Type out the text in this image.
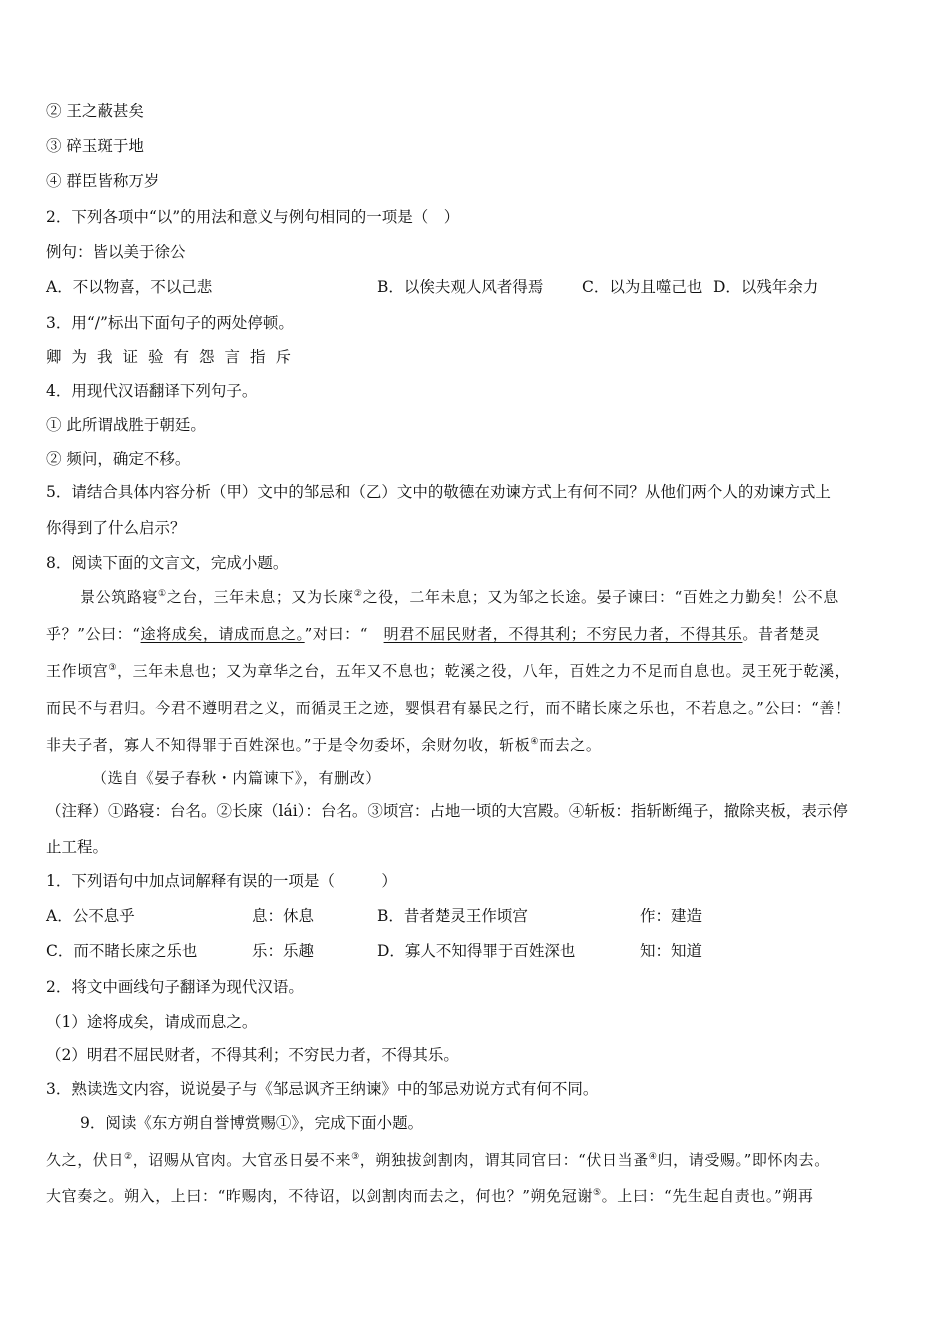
② 王之蔽甚矣
③ 碎玉斑于地
④ 群臣皆称万岁
2．下列各项中“以”的用法和意义与例句相同的一项是（　）
例句：皆以美于徐公
A．不以物喜，不以己悲	B．以俟夫观人风者得焉 C．以为且噬己也 D．以残年余力
3．用“/”标出下面句子的两处停顿。
卿为我证验有怨言指斥
4．用现代汉语翻译下列句子。
① 此所谓战胜于朝廷。
② 频问，确定不移。
5．请结合具体内容分析（甲）文中的邹忌和（乙）文中的敬德在劝谏方式上有何不同？从他们两个人的劝谏方式上
你得到了什么启示？
8．阅读下面的文言文，完成小题。
景公筑路寝①之台，三年未息；又为长庲②之役，二年未息；又为邹之长途。晏子谏曰：“百姓之力勤矣！公不息
乎？”公曰：“途将成矣，请成而息之。”对曰：“　明君不屈民财者，不得其利；不穷民力者，不得其乐。昔者楚灵
王作顷宫③，三年未息也；又为章华之台，五年又不息也；乾溪之役，八年，百姓之力不足而自息也。灵王死于乾溪，
而民不与君归。今君不遵明君之义，而循灵王之迹，婴惧君有暴民之行，而不睹长庲之乐也，不若息之。”公曰：“善！
非夫子者，寡人不知得罪于百姓深也。”于是令勿委坏，余财勿收，斩板④而去之。
（选自《晏子春秋・内篇谏下》，有删改）
（注释）①路寝：台名。②长庲（lái）：台名。③顷宫：占地一顷的大宫殿。④斩板：指斩断绳子，撤除夹板，表示停
止工程。
1．下列语句中加点词解释有误的一项是（　　　）
A．公不息乎	息：休息	B．昔者楚灵王作顷宫	作：建造
C．而不睹长庲之乐也	乐：乐趣	D．寡人不知得罪于百姓深也	知：知道
2．将文中画线句子翻译为现代汉语。
（1）途将成矣，请成而息之。
（2）明君不屈民财者，不得其利；不穷民力者，不得其乐。
3．熟读选文内容，说说晏子与《邹忌讽齐王纳谏》中的邹忌劝说方式有何不同。
9．阅读《东方朔自誉博赏赐①》，完成下面小题。
久之，伏日②，诏赐从官肉。大官丞日晏不来③，朔独拔剑割肉，谓其同官曰：“伏日当蚤④归，请受赐。”即怀肉去。
大官奏之。朔入，上曰：“昨赐肉，不待诏，以剑割肉而去之，何也？”朔免冠谢⑤。上曰：“先生起自责也。”朔再
